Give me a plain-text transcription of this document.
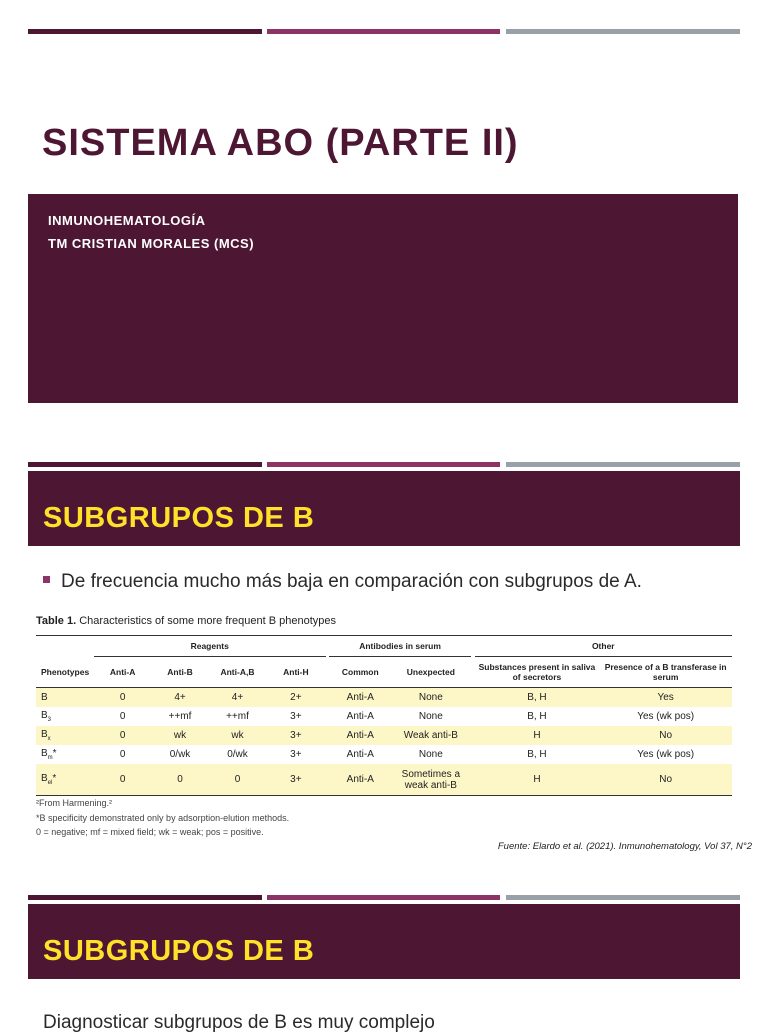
SISTEMA ABO (PARTE II)
INMUNOHEMATOLOGÍA
TM CRISTIAN MORALES (MCS)
SUBGRUPOS DE B
De frecuencia mucho más baja en comparación con subgrupos de A.
Table 1. Characteristics of some more frequent B phenotypes
	Reagents					Antibodies in serum			Other	
Phenotypes	Anti-A	Anti-B	Anti-A,B	Anti-H		Common	Unexpected		Substances present in saliva of secretors	Presence of a B transferase in serum
B	0	4+	4+	2+		Anti-A	None		B, H	Yes
$B_3$	0	++mf	++mf	3+		Anti-A	None		B, H	Yes (wk pos)
$B_x$	0	wk	wk	3+		Anti-A	Weak anti-B		H	No
$B_m*$	0	0/wk	0/wk	3+		Anti-A	None		B, H	Yes (wk pos)
$B_{el}*$	0	0	0	3+		Anti-A	Sometimes a weak anti-B		H	No
²From Harmening.²
*B specificity demonstrated only by adsorption-elution methods.
0 = negative; mf = mixed field; wk = weak; pos = positive.
Fuente: Elardo et al. (2021). Inmunohematology, Vol 37, N°2
SUBGRUPOS DE B
Diagnosticar subgrupos de B es muy complejo
